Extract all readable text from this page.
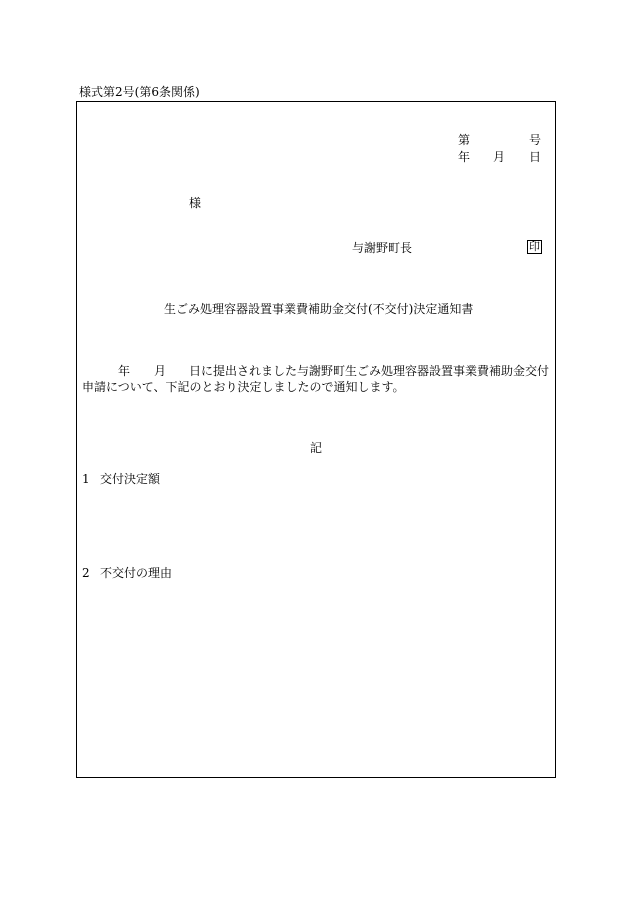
様式第2号(第6条関係)
第	号
年 月 日
様
与謝野町長	印
生ごみ処理容器設置事業費補助金交付(不交付)決定通知書
年 月 日に提出されました与謝野町生ごみ処理容器設置事業費補助金交付
申請について、下記のとおり決定しましたので通知します。
記
1 交付決定額
2 不交付の理由
